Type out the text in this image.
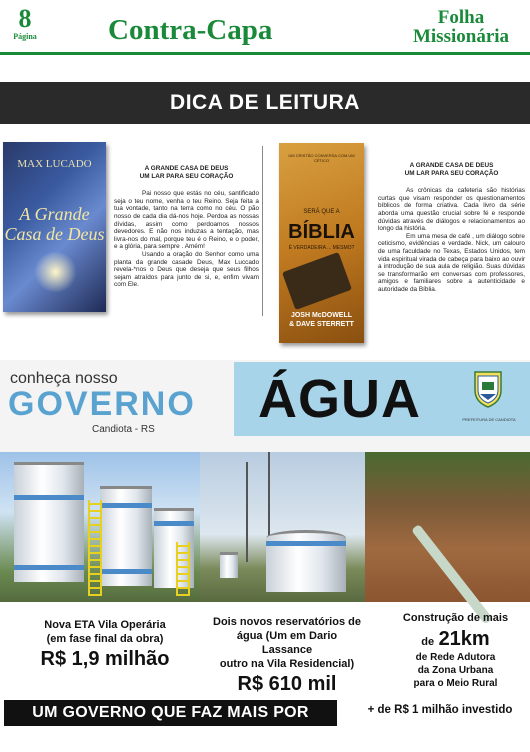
8
Página Contra-Capa	Folha
Missionária
DICA DE LEITURA
MAX LUCADO
A Grande Casa de Deus
A GRANDE CASA DE DEUS
UM LAR PARA SEU CORAÇÃO

Pai nosso que estás no céu, santificado seja o teu nome, venha o teu Reino. Seja feita a tua vontade, tanto na terra como no céu. O pão nosso de cada dia dá-nos hoje. Perdoa as nossas dívidas, assim como perdoamos nossos devedores. E não nos induzas a tentação, mas livra-nos do mal, porque teu é o Reino, e o poder, e a glória, para sempre . Amém!

Usando a oração do Senhor como uma planta da grande casade Deus, Max Luccado revela-*nos o Deus que deseja que seus filhos sejam atraídos para junto de si, e, enfim vivam com Ele.

UM CRISTÃO CONVERSA COM UM CÉTICO
SERÁ QUE A
BÍBLIA
É VERDADEIRA ... MESMO?
JOSH McDOWELL
& DAVE STERRETT
A GRANDE CASA DE DEUS
UM LAR PARA SEU CORAÇÃO

As crônicas da cafeteria são histórias curtas que visam responder os questionamentos bíblicos de forma criativa. Cada livro da série aborda uma questão crucial sobre fé e responde dúvidas através de diálogos e relacionamentos ao longo da história.

Em uma mesa de café , um diálogo sobre ceticismo, evidências e verdade. Nick, um calouro de uma faculdade no Texas, Estados Unidos, tem vida espiritual virada de cabeça para baixo ao ouvir a introdução de sua aula de religião. Suas dúvidas se transformarão em conversas com professores, amigos e familiares sobre a autenticidade e autoridade da Bíblia.

conheça nosso
GOVERNO
Candiota - RS
ÁGUA	PREFEITURA DE CANDIOTA
Nova ETA Vila Operária
(em fase final da obra)
R$ 1,9 milhão
Dois novos reservatórios de
água (Um em Dario Lassance
outro na Vila Residencial)
R$ 610 mil
Construção de mais
de 21km
de Rede Adutora
da Zona Urbana
para o Meio Rural
UM GOVERNO QUE FAZ MAIS POR CANDIOTA
+ de R$ 1 milhão investido
